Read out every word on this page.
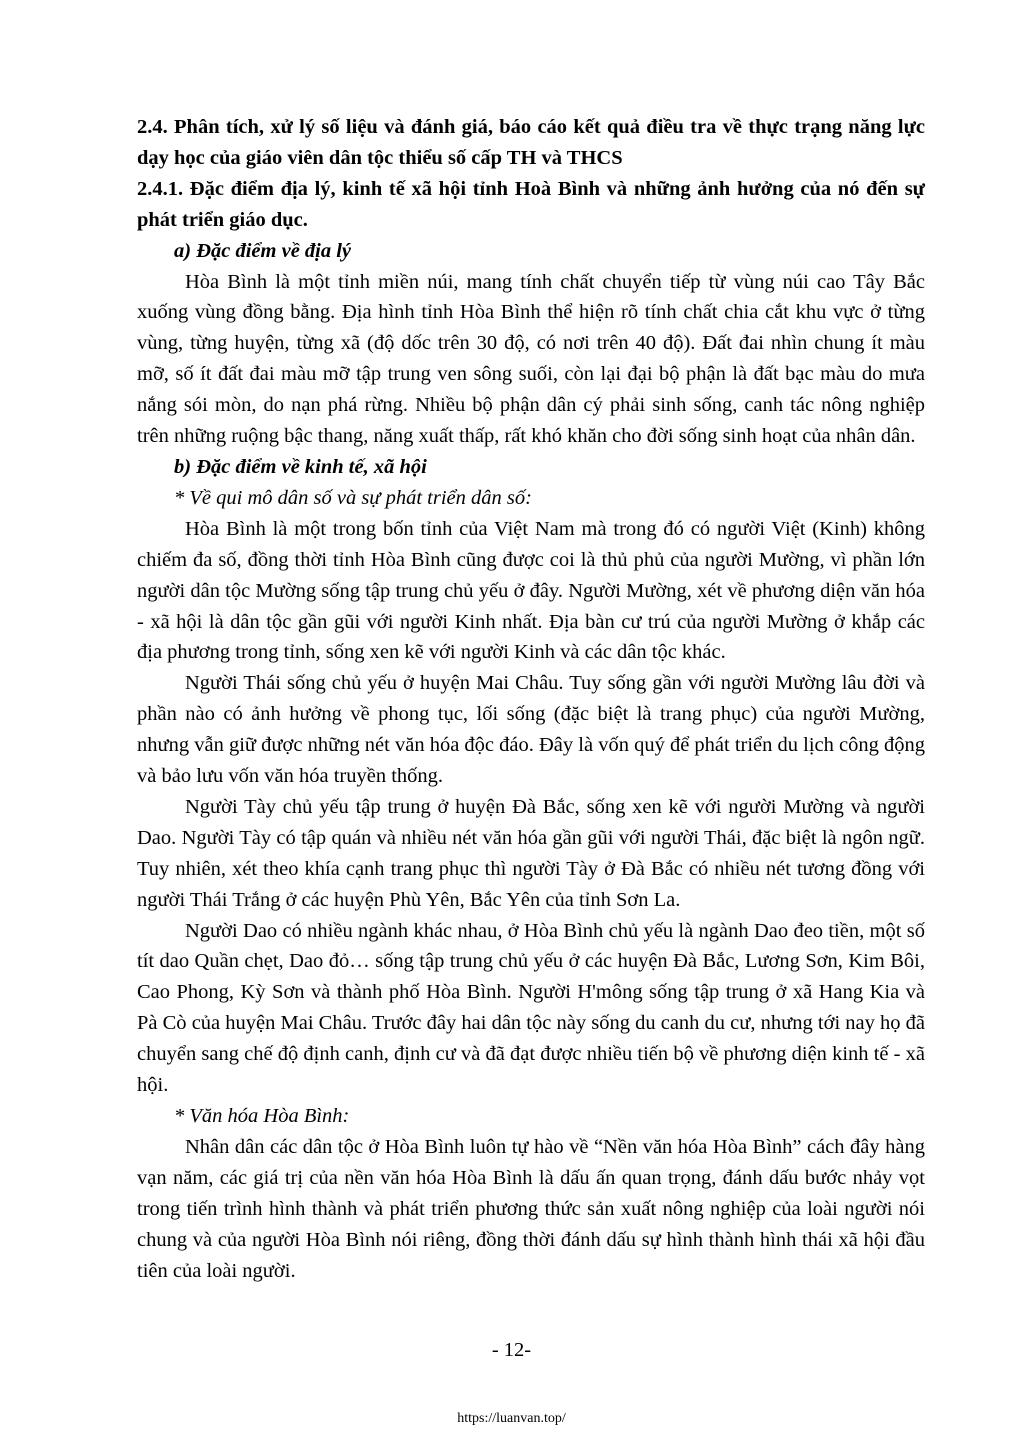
2.4. Phân tích, xử lý số liệu và đánh giá, báo cáo kết quả điều tra về thực trạng năng lực dạy học của giáo viên dân tộc thiểu số cấp TH và THCS

2.4.1. Đặc điểm địa lý, kinh tế xã hội tỉnh Hoà Bình và những ảnh hưởng của nó đến sự phát triển giáo dục.

a) Đặc điểm về địa lý

Hòa Bình là một tỉnh miền núi, mang tính chất chuyển tiếp từ vùng núi cao Tây Bắc xuống vùng đồng bằng. Địa hình tỉnh Hòa Bình thể hiện rõ tính chất chia cắt khu vực ở từng vùng, từng huyện, từng xã (độ dốc trên 30 độ, có nơi trên 40 độ). Đất đai nhìn chung ít màu mỡ, số ít đất đai màu mỡ tập trung ven sông suối, còn lại đại bộ phận là đất bạc màu do mưa nắng sói mòn, do nạn phá rừng. Nhiều bộ phận dân cý phải sinh sống, canh tác nông nghiệp trên những ruộng bậc thang, năng xuất thấp, rất khó khăn cho đời sống sinh hoạt của nhân dân.

b) Đặc điểm về kinh tế, xã hội

* Về qui mô dân số và sự phát triển dân số:

Hòa Bình là một trong bốn tỉnh của Việt Nam mà trong đó có người Việt (Kinh) không chiếm đa số, đồng thời tỉnh Hòa Bình cũng được coi là thủ phủ của người Mường, vì phần lớn người dân tộc Mường sống tập trung chủ yếu ở đây. Người Mường, xét về phương diện văn hóa - xã hội là dân tộc gần gũi với người Kinh nhất. Địa bàn cư trú của người Mường ở khắp các địa phương trong tỉnh, sống xen kẽ với người Kinh và các dân tộc khác.

Người Thái sống chủ yếu ở huyện Mai Châu. Tuy sống gần với người Mường lâu đời và phần nào có ảnh hưởng về phong tục, lối sống (đặc biệt là trang phục) của người Mường, nhưng vẫn giữ được những nét văn hóa độc đáo. Đây là vốn quý để phát triển du lịch công động và bảo lưu vốn văn hóa truyền thống.

Người Tày chủ yếu tập trung ở huyện Đà Bắc, sống xen kẽ với người Mường và người Dao. Người Tày có tập quán và nhiều nét văn hóa gần gũi với người Thái, đặc biệt là ngôn ngữ. Tuy nhiên, xét theo khía cạnh trang phục thì người Tày ở Đà Bắc có nhiều nét tương đồng với người Thái Trắng ở các huyện Phù Yên, Bắc Yên của tỉnh Sơn La.

Người Dao có nhiều ngành khác nhau, ở Hòa Bình chủ yếu là ngành Dao đeo tiền, một số tít dao Quần chẹt, Dao đỏ… sống tập trung chủ yếu ở các huyện Đà Bắc, Lương Sơn, Kim Bôi, Cao Phong, Kỳ Sơn và thành phố Hòa Bình. Người H'mông sống tập trung ở xã Hang Kia và Pà Cò của huyện Mai Châu. Trước đây hai dân tộc này sống du canh du cư, nhưng tới nay họ đã chuyển sang chế độ định canh, định cư và đã đạt được nhiều tiến bộ về phương diện kinh tế - xã hội.

* Văn hóa Hòa Bình:

Nhân dân các dân tộc ở Hòa Bình luôn tự hào về “Nền văn hóa Hòa Bình” cách đây hàng vạn năm, các giá trị của nền văn hóa Hòa Bình là dấu ấn quan trọng, đánh dấu bước nhảy vọt trong tiến trình hình thành và phát triển phương thức sản xuất nông nghiệp của loài người nói chung và của người Hòa Bình nói riêng, đồng thời đánh dấu sự hình thành hình thái xã hội đầu tiên của loài người.

- 12-
https://luanvan.top/
